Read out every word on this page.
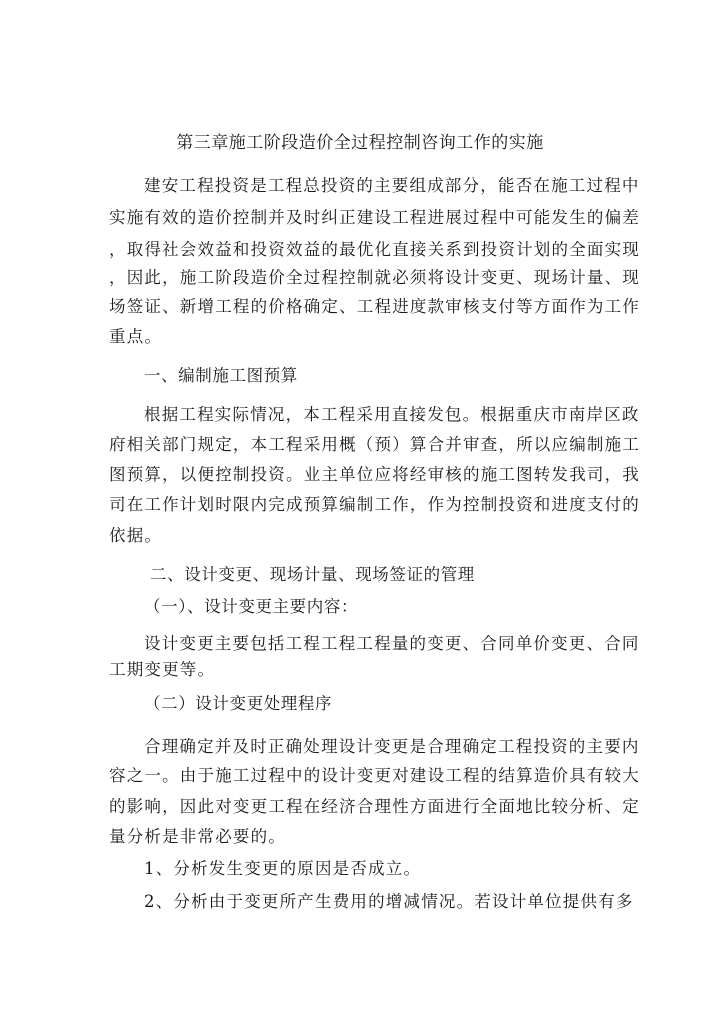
第三章施工阶段造价全过程控制咨询工作的实施
建安工程投资是工程总投资的主要组成部分，能否在施工过程中
实施有效的造价控制并及时纠正建设工程进展过程中可能发生的偏差
，取得社会效益和投资效益的最优化直接关系到投资计划的全面实现
，因此，施工阶段造价全过程控制就必须将设计变更、现场计量、现
场签证、新增工程的价格确定、工程进度款审核支付等方面作为工作
重点。
一、编制施工图预算
根据工程实际情况，本工程采用直接发包。根据重庆市南岸区政
府相关部门规定，本工程采用概（预）算合并审查，所以应编制施工
图预算，以便控制投资。业主单位应将经审核的施工图转发我司，我
司在工作计划时限内完成预算编制工作，作为控制投资和进度支付的
依据。
二、设计变更、现场计量、现场签证的管理
（一）、设计变更主要内容：
设计变更主要包括工程工程工程量的变更、合同单价变更、合同
工期变更等。
（二）设计变更处理程序
合理确定并及时正确处理设计变更是合理确定工程投资的主要内
容之一。由于施工过程中的设计变更对建设工程的结算造价具有较大
的影响，因此对变更工程在经济合理性方面进行全面地比较分析、定
量分析是非常必要的。
1、分析发生变更的原因是否成立。
2、分析由于变更所产生费用的增减情况。若设计单位提供有多
